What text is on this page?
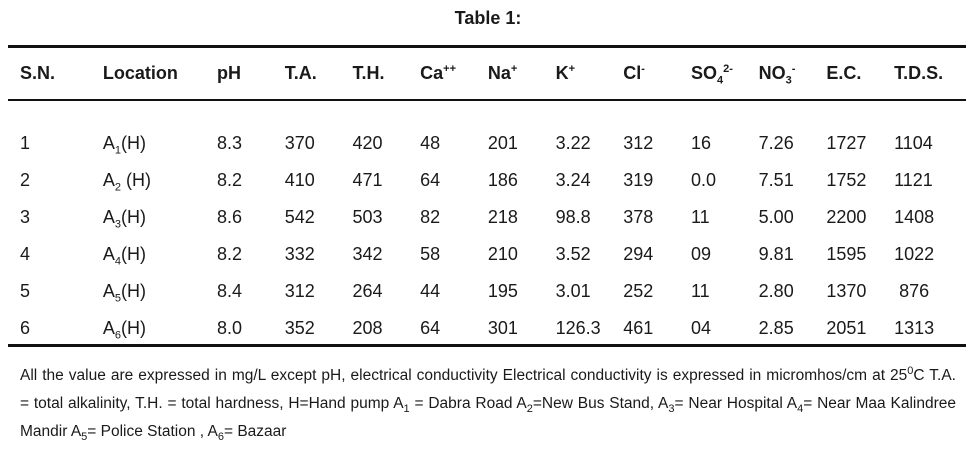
Table 1:
S.N.	Location	pH	T.A.	T.H.	Ca++	Na+	K+	Cl-	$SO_4^{2-}$	$NO_3^-$	E.C.	T.D.S.
1	$A_1(H)$	8.3	370	420	48	201	3.22	312	16	7.26	1727	1104
2	$A_2$ (H)	8.2	410	471	64	186	3.24	319	0.0	7.51	1752	1121
3	$A_3(H)$	8.6	542	503	82	218	98.8	378	11	5.00	2200	1408
4	$A_4(H)$	8.2	332	342	58	210	3.52	294	09	9.81	1595	1022
5	$A_5(H)$	8.4	312	264	44	195	3.01	252	11	2.80	1370	876
6	$A_6(H)$	8.0	352	208	64	301	126.3	461	04	2.85	2051	1313
All the value are expressed in mg/L except pH, electrical conductivity Electrical conductivity is expressed in micromhos/cm at $25^0C$ T.A. = total alkalinity, T.H. = total hardness, H=Hand pump $A_1$ = Dabra Road $A_2=New$ Bus Stand, $A_3=$ Near Hospital $A_4=$ Near Maa Kalindree Mandir $A_5=$ Police Station , $A_6=$ Bazaar
